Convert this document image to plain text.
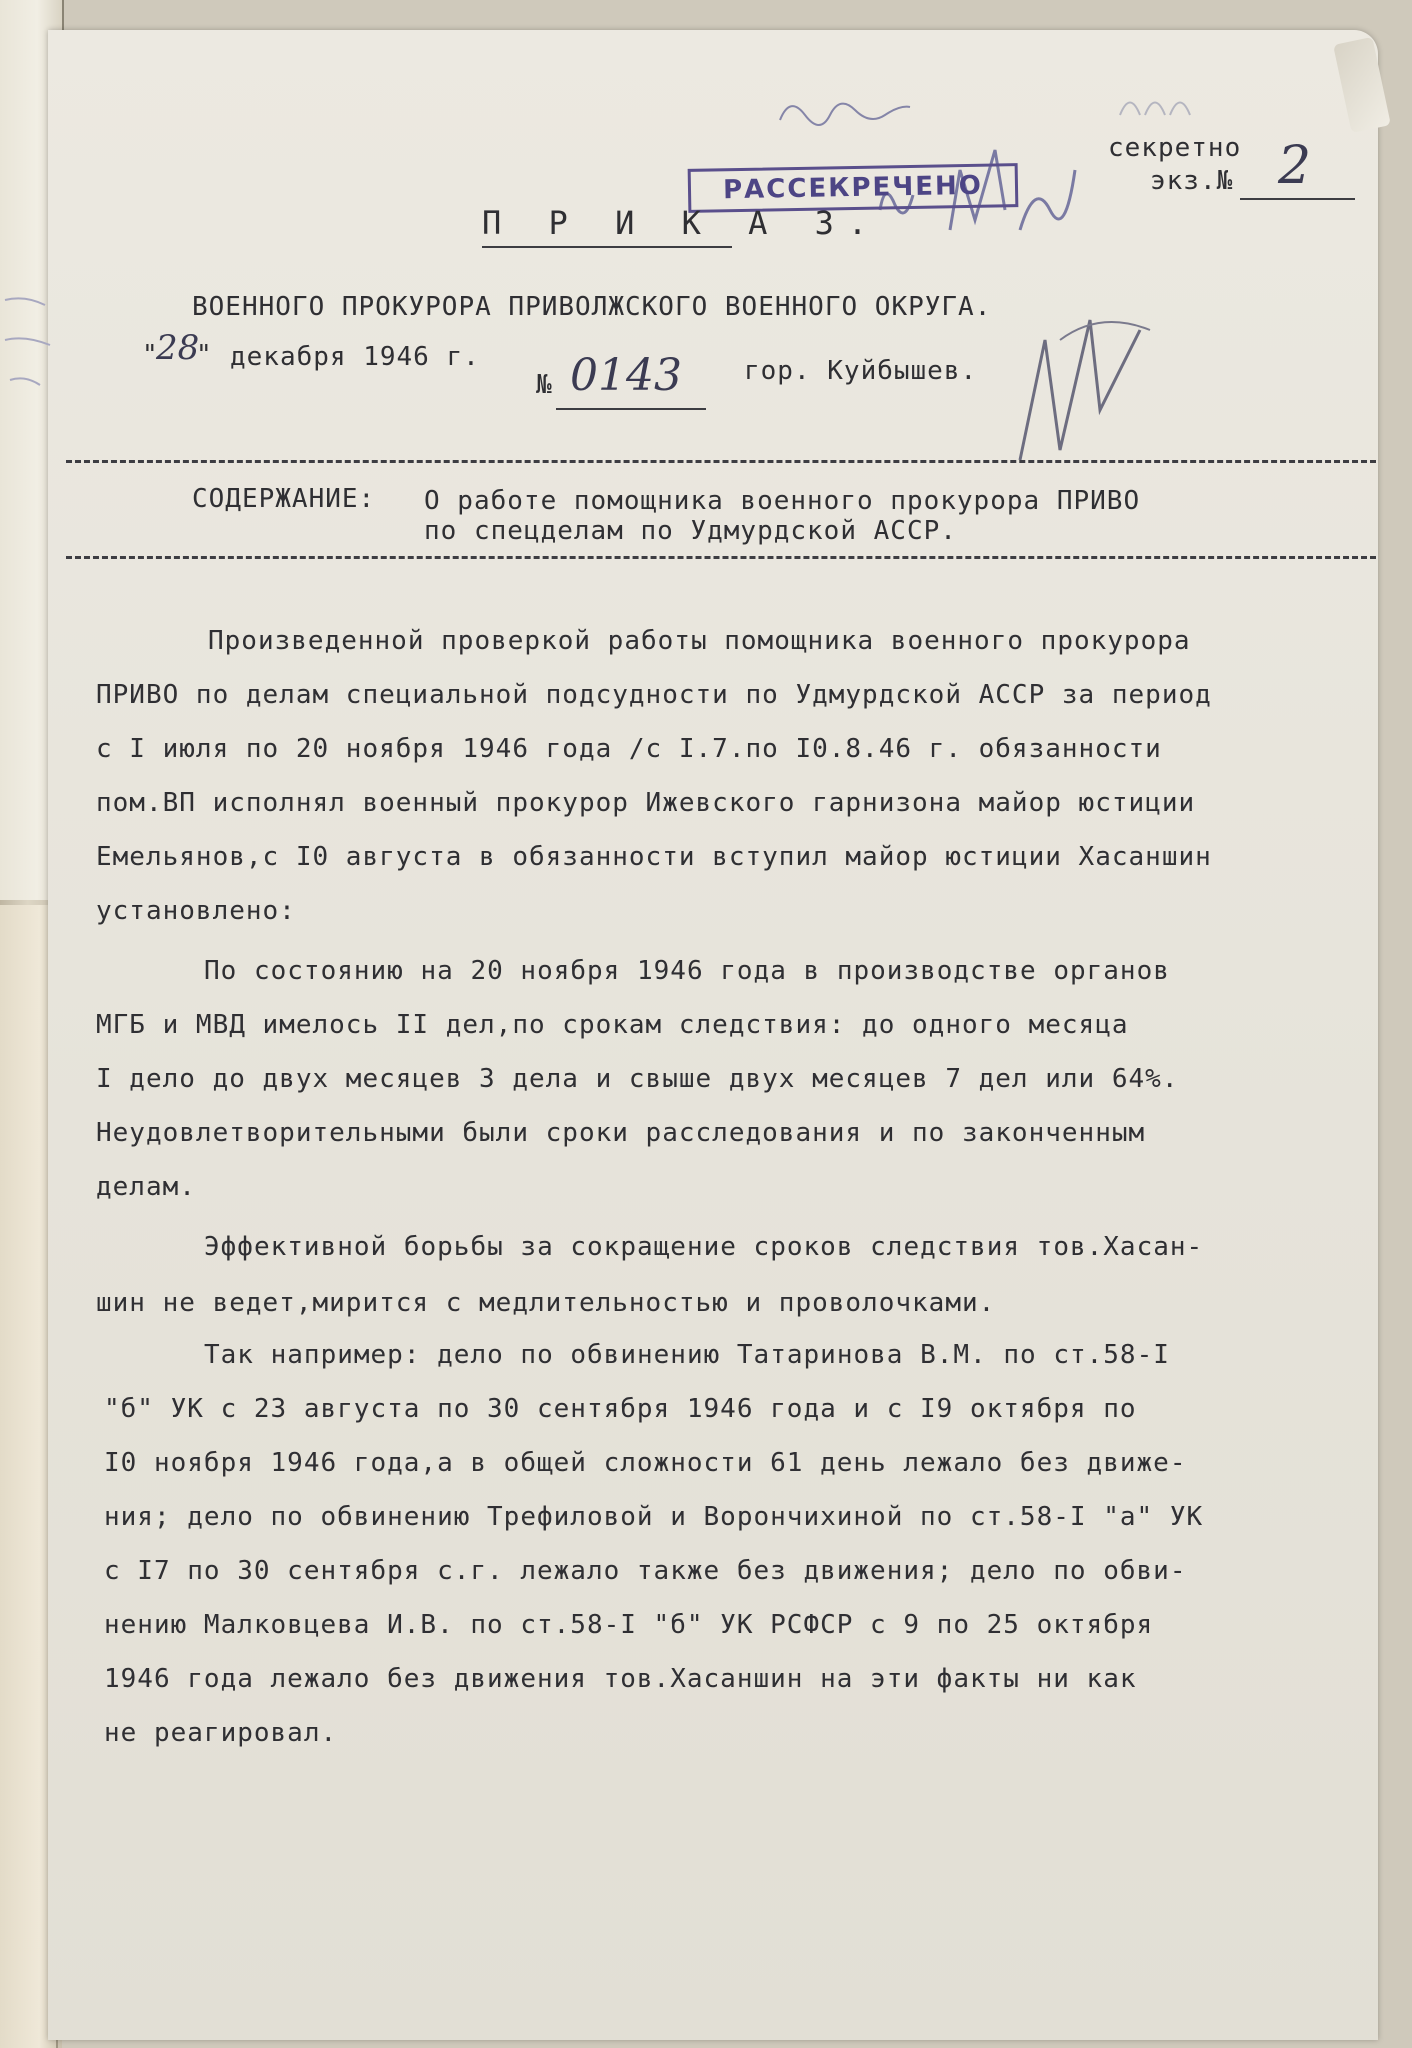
секретно
экз.№ 2
РАССЕКРЕЧЕНО
П Р И К А З.
ВОЕННОГО ПРОКУРОРА ПРИВОЛЖСКОГО ВОЕННОГО ОКРУГА.
"
28
" декабря 1946 г.
№ 0143 гор. Куйбышев.
СОДЕРЖАНИЕ: О работе помощника военного прокурора ПРИВО
по спецделам по Удмурдской АССР.
Произведенной проверкой работы помощника военного прокурора
ПРИВО по делам специальной подсудности по Удмурдской АССР за период
с I июля по 20 ноября 1946 года /с I.7.по I0.8.46 г. обязанности
пом.ВП исполнял военный прокурор Ижевского гарнизона майор юстиции
Емельянов,с I0 августа в обязанности вступил майор юстиции Хасаншин
установлено:
По состоянию на 20 ноября 1946 года в производстве органов
МГБ и МВД имелось II дел,по срокам следствия: до одного месяца
I дело до двух месяцев 3 дела и свыше двух месяцев 7 дел или 64%.
Неудовлетворительными были сроки расследования и по законченным
делам.
Эффективной борьбы за сокращение сроков следствия тов.Хасан-
шин не ведет,мирится с медлительностью и проволочками.
Так например: дело по обвинению Татаринова В.М. по ст.58-I
"б" УК с 23 августа по 30 сентября 1946 года и с I9 октября по
I0 ноября 1946 года,а в общей сложности 61 день лежало без движе-
ния; дело по обвинению Трефиловой и Ворончихиной по ст.58-I "а" УК
с I7 по 30 сентября с.г. лежало также без движения; дело по обви-
нению Малковцева И.В. по ст.58-I "б" УК РСФСР с 9 по 25 октября
1946 года лежало без движения тов.Хасаншин на эти факты ни как
не реагировал.
